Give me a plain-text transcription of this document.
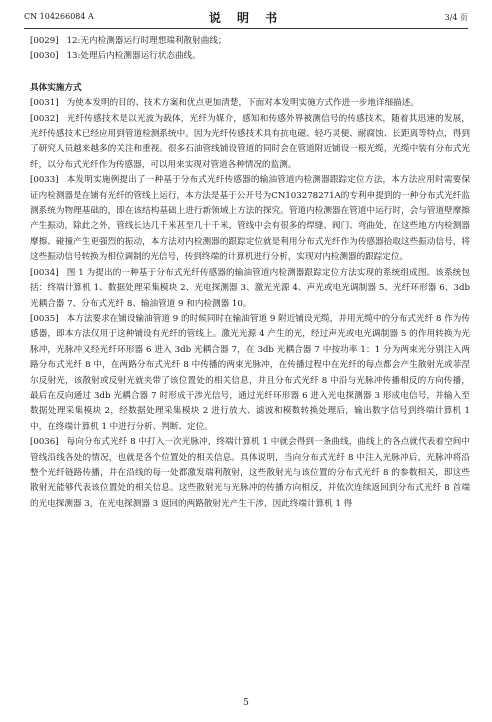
CN 104266084 A	说 明 书	3/4 页

[0029] 12:无内检测器运行时理想瑞利散射曲线；

[0030] 13:处理后内检测器运行状态曲线。

具体实施方式

[0031] 为使本发明的目的、技术方案和优点更加清楚，下面对本发明实施方式作进一步地详细描述。

[0032] 光纤传感技术是以光波为载体，光纤为媒介，感知和传感外界被测信号的传感技术，随着其迅速的发展，光纤传感技术已经应用到管道检测系统中。因为光纤传感技术具有抗电磁、轻巧灵便、耐腐蚀、长距离等特点，得到了研究人员越来越多的关注和重视。很多石油管线铺设管道的同时会在管道附近铺设一根光缆，光缆中装有分布式光纤，以分布式光纤作为传感器，可以用来实现对管道各种情况的监测。

[0033] 本发明实施例提出了一种基于分布式光纤传感器的输油管道内检测器跟踪定位方法，本方法应用时需要保证内检测器是在铺有光纤的管线上运行，本方法是基于公开号为CN103278271A的专利申提到的一种分布式光纤监测系统为物理基础的，即在该结构基础上进行新领域上方法的探究。管道内检测器在管道中运行时，会与管道壁摩擦产生振动，除此之外，管线长达几千米甚至几十千米，管线中会有很多的焊缝、阀门、弯曲处，在这些地方内检测器摩擦、碰撞产生更强烈的振动，本方法对内检测器的跟踪定位就是利用分布式光纤作为传感器拾取这些振动信号，将这些振动信号转换为相位调制的光信号，传到终端的计算机进行分析，实现对内检测器的跟踪定位。

[0034] 图 1 为提出的一种基于分布式光纤传感器的输油管道内检测器跟踪定位方法实现的系统组成图。该系统包括：终端计算机 1、数据处理采集模块 2、光电探测器 3、激光光源 4、声光或电光调制器 5、光纤环形器 6、3db 光耦合器 7、分布式光纤 8、输油管道 9 和内检测器 10。

[0035] 本方法要求在铺设输油管道 9 的时候同时在输油管道 9 附近铺设光缆，并用光缆中的分布式光纤 8 作为传感器，即本方法仅用于这种铺设有光纤的管线上。激光光源 4 产生的光，经过声光或电光调制器 5 的作用转换为光脉冲，光脉冲又经光纤环形器 6 进入 3db 光耦合器 7，在 3db 光耦合器 7 中按功率 1：1 分为两束光分别注入两路分布式光纤 8 中，在两路分布式光纤 8 中传播的两束光脉冲，在传播过程中在光纤的每点都会产生散射光或菲涅尔反射光，该散射或反射光就夹带了该位置处的相关信息，并且分布式光纤 8 中沿与光脉冲传播相反的方向传播，最后在反向通过 3db 光耦合器 7 时形成干涉光信号，通过光纤环形器 6 进入光电探测器 3 形成电信号，并输入至数据处理采集模块 2，经数据处理采集模块 2 进行放大、滤波和模数转换处理后，输出数字信号到终端计算机 1 中，在终端计算机 1 中进行分析、判断、定位。

[0036] 每向分布式光纤 8 中打入一次光脉冲，终端计算机 1 中就会得到一条曲线，曲线上的各点就代表着空间中管线沿线各处的情况，也就是各个位置处的相关信息。具体说明，当向分布式光纤 8 中注入光脉冲后，光脉冲将沿整个光纤链路传播，并在沿线的每一处都激发瑞利散射，这些散射光与该位置的分布式光纤 8 的参数相关，即这些散射光能够代表该位置处的相关信息。这些散射光与光脉冲的传播方向相反，并依次连续返回到分布式光纤 8 首端的光电探测器 3，在光电探测器 3 返回的两路散射光产生干涉，因此终端计算机 1 得

5
